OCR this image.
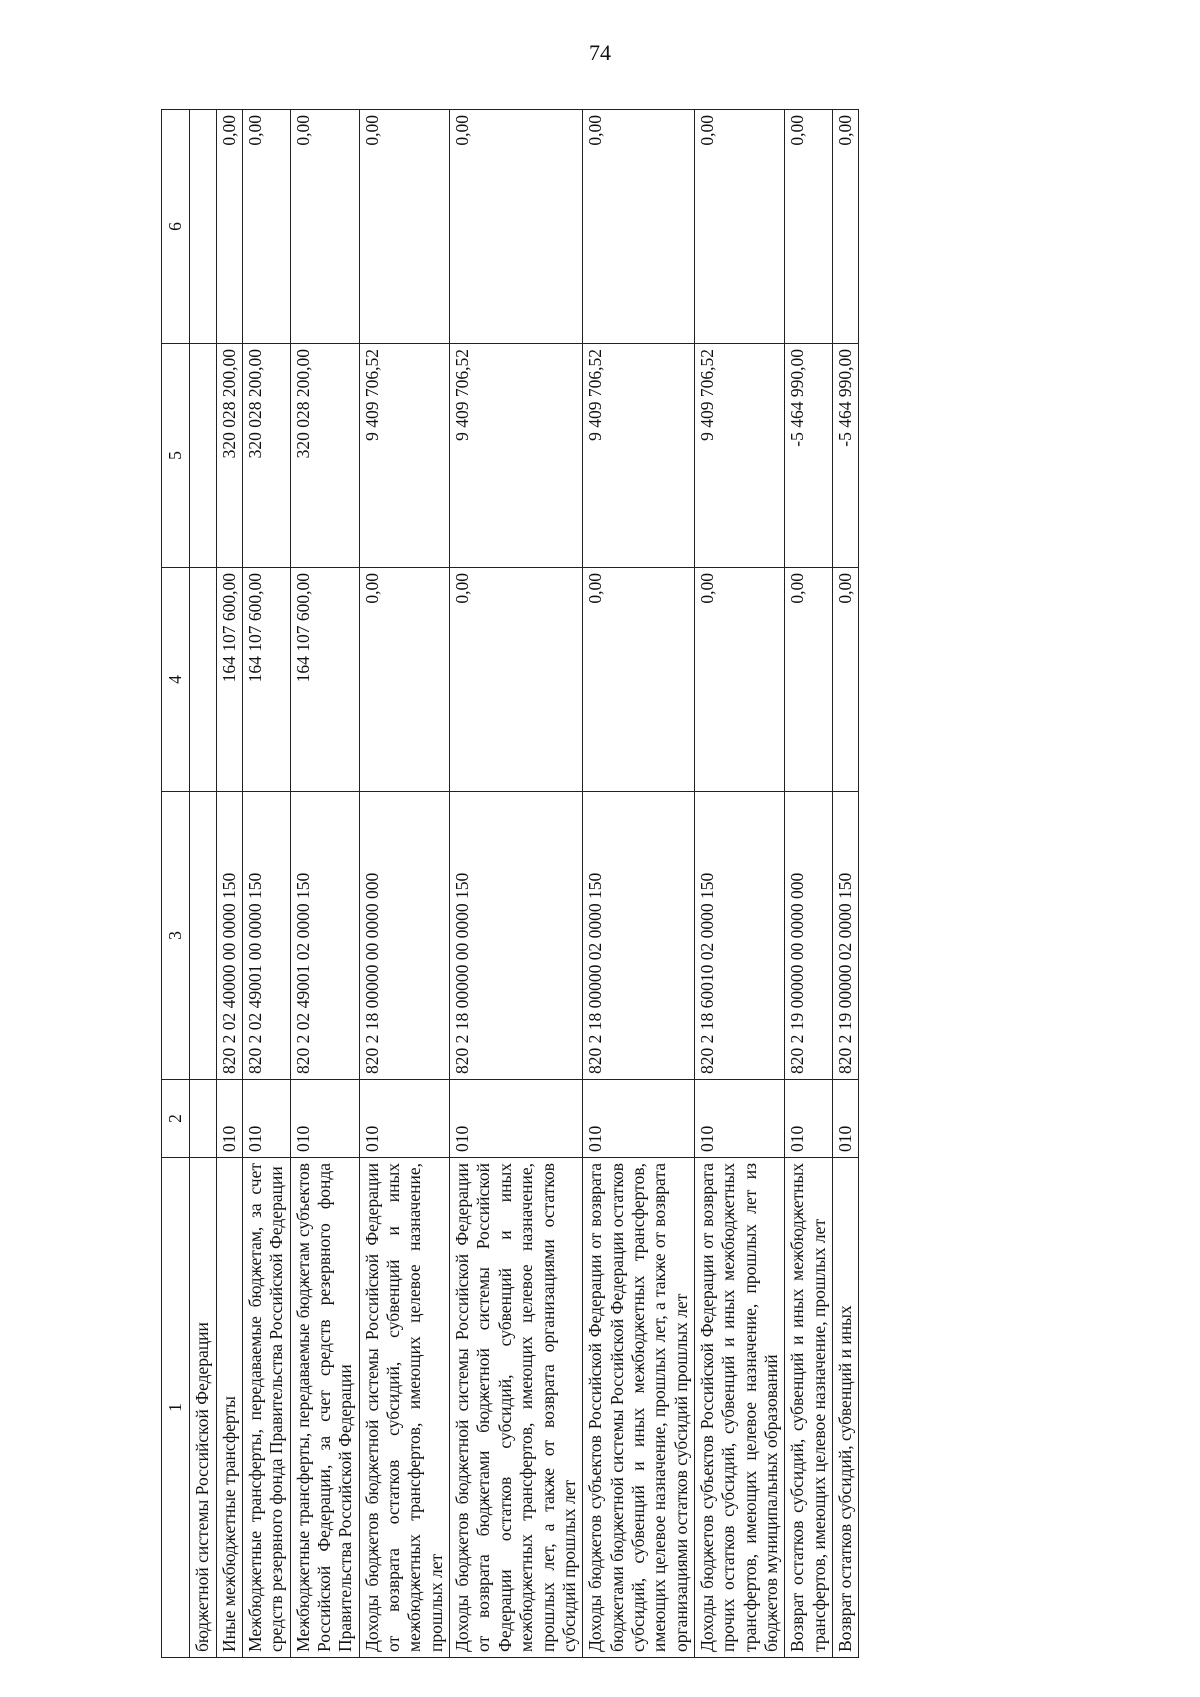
74
1	2	3	4	5	6
бюджетной системы Российской Федерации					
Иные межбюджетные трансферты	010	820 2 02 40000 00 0000 150	164 107 600,00	320 028 200,00	0,00
Межбюджетные трансферты, передаваемые бюджетам, за счет средств резервного фонда Правительства Российской Федерации	010	820 2 02 49001 00 0000 150	164 107 600,00	320 028 200,00	0,00
Межбюджетные трансферты, передаваемые бюджетам субъектов Российской Федерации, за счет средств резервного фонда Правительства Российской Федерации	010	820 2 02 49001 02 0000 150	164 107 600,00	320 028 200,00	0,00
Доходы бюджетов бюджетной системы Российской Федерации от возврата остатков субсидий, субвенций и иных межбюджетных трансфертов, имеющих целевое назначение, прошлых лет	010	820 2 18 00000 00 0000 000	0,00	9 409 706,52	0,00
Доходы бюджетов бюджетной системы Российской Федерации от возврата бюджетами бюджетной системы Российской Федерации остатков субсидий, субвенций и иных межбюджетных трансфертов, имеющих целевое назначение, прошлых лет, а также от возврата организациями остатков субсидий прошлых лет	010	820 2 18 00000 00 0000 150	0,00	9 409 706,52	0,00
Доходы бюджетов субъектов Российской Федерации от возврата бюджетами бюджетной системы Российской Федерации остатков субсидий, субвенций и иных межбюджетных трансфертов, имеющих целевое назначение, прошлых лет, а также от возврата организациями остатков субсидий прошлых лет	010	820 2 18 00000 02 0000 150	0,00	9 409 706,52	0,00
Доходы бюджетов субъектов Российской Федерации от возврата прочих остатков субсидий, субвенций и иных межбюджетных трансфертов, имеющих целевое назначение, прошлых лет из бюджетов муниципальных образований	010	820 2 18 60010 02 0000 150	0,00	9 409 706,52	0,00
Возврат остатков субсидий, субвенций и иных межбюджетных трансфертов, имеющих целевое назначение, прошлых лет	010	820 2 19 00000 00 0000 000	0,00	-5 464 990,00	0,00
Возврат остатков субсидий, субвенций и иных	010	820 2 19 00000 02 0000 150	0,00	-5 464 990,00	0,00
